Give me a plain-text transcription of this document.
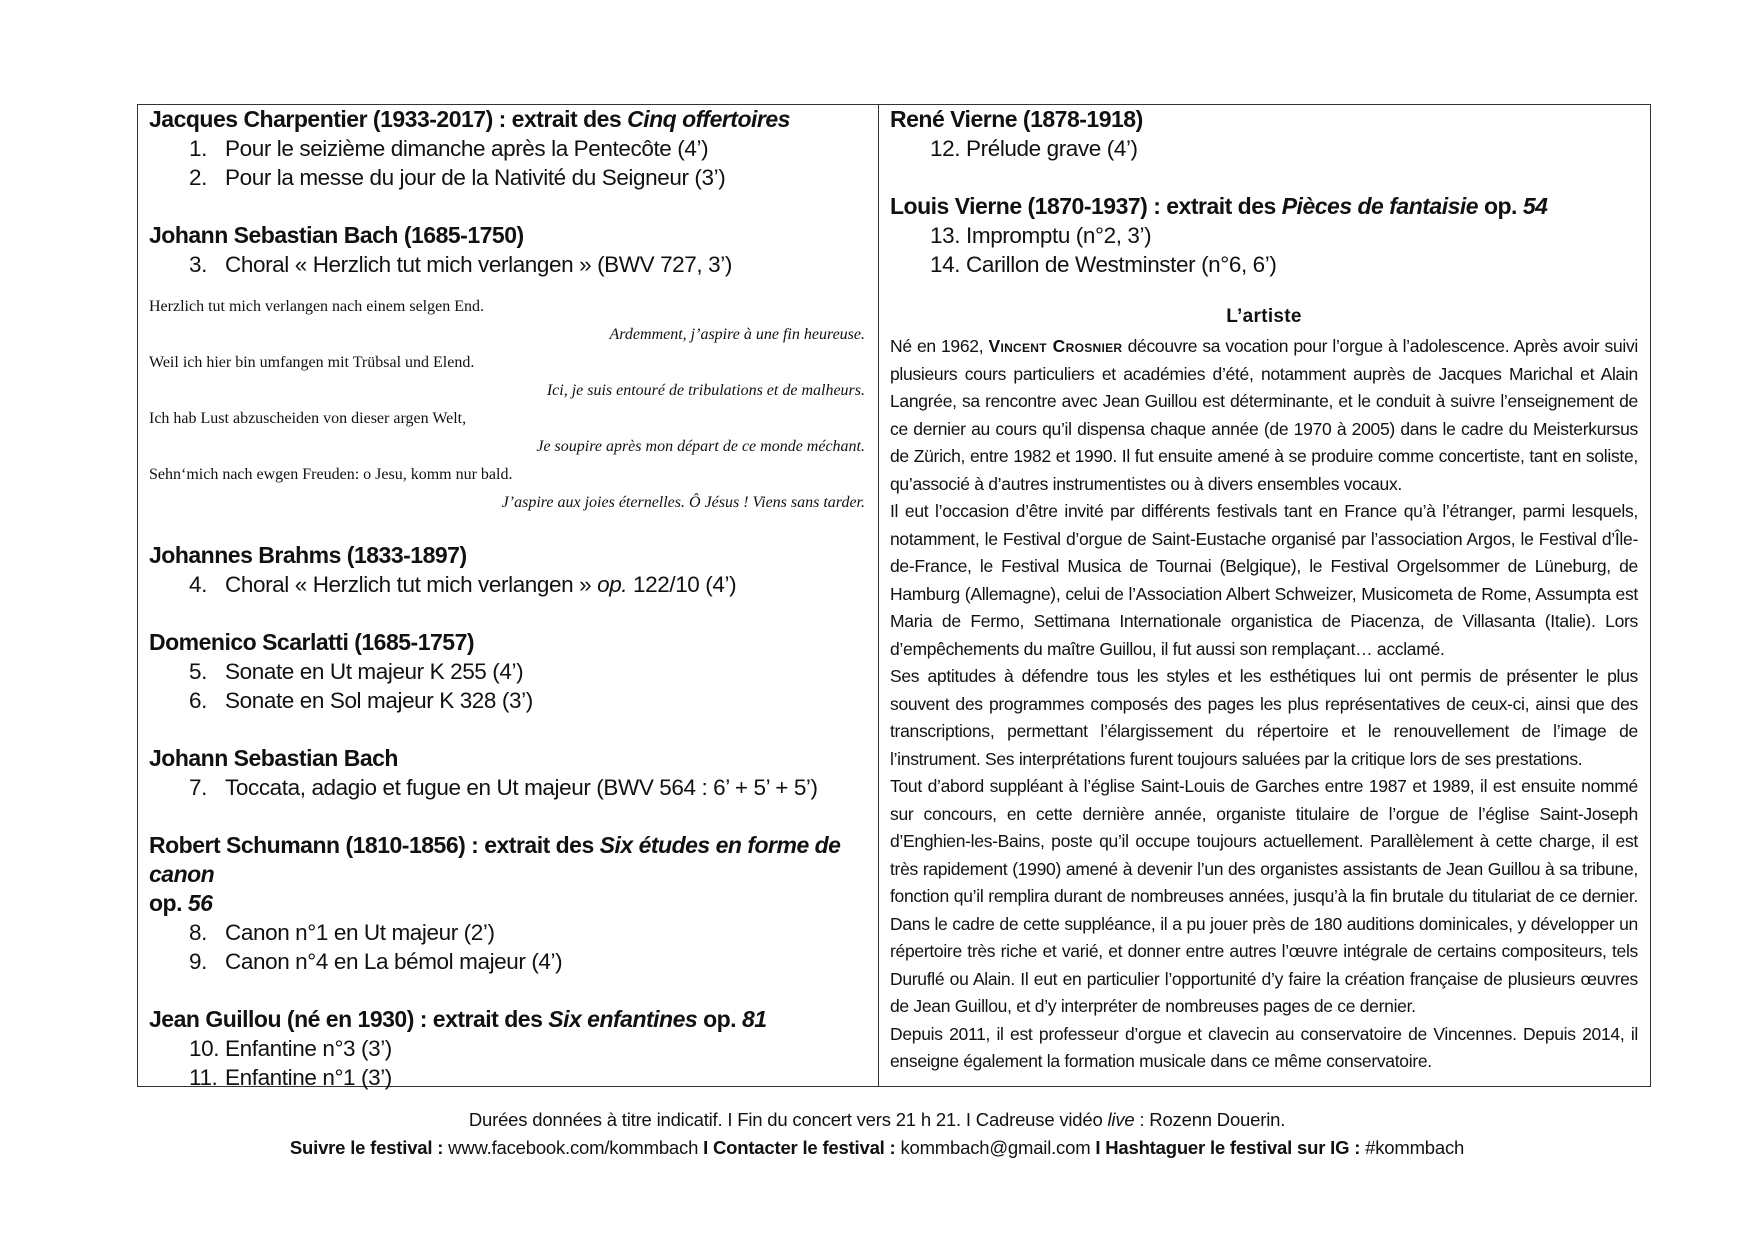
Jacques Charpentier (1933-2017) : extrait des Cinq offertoires

1. Pour le seizième dimanche après la Pentecôte (4’)

2. Pour la messe du jour de la Nativité du Seigneur (3’)

Johann Sebastian Bach (1685-1750)

3. Choral « Herzlich tut mich verlangen » (BWV 727, 3’)

Herzlich tut mich verlangen nach einem selgen End.

Ardemment, j’aspire à une fin heureuse.

Weil ich hier bin umfangen mit Trübsal und Elend.

Ici, je suis entouré de tribulations et de malheurs.

Ich hab Lust abzuscheiden von dieser argen Welt,

Je soupire après mon départ de ce monde méchant.

Sehn‘mich nach ewgen Freuden: o Jesu, komm nur bald.

J’aspire aux joies éternelles. Ô Jésus ! Viens sans tarder.

Johannes Brahms (1833-1897)

4. Choral « Herzlich tut mich verlangen » op. 122/10 (4’)

Domenico Scarlatti (1685-1757)

5. Sonate en Ut majeur K 255 (4’)

6. Sonate en Sol majeur K 328 (3’)

Johann Sebastian Bach

7. Toccata, adagio et fugue en Ut majeur (BWV 564 : 6’ + 5’ + 5’)

Robert Schumann (1810-1856) : extrait des Six études en forme de canon

op. 56

8. Canon n°1 en Ut majeur (2’)

9. Canon n°4 en La bémol majeur (4’)

Jean Guillou (né en 1930) : extrait des Six enfantines op. 81

10. Enfantine n°3 (3’)

11. Enfantine n°1 (3’)

René Vierne (1878-1918)

12. Prélude grave (4’)

Louis Vierne (1870-1937) : extrait des Pièces de fantaisie op. 54

13. Impromptu (n°2, 3’)

14. Carillon de Westminster (n°6, 6’)

L’artiste

Né en 1962, Vincent Crosnier découvre sa vocation pour l’orgue à l’adolescence. Après avoir suivi plusieurs cours particuliers et académies d’été, notamment auprès de Jacques Marichal et Alain Langrée, sa rencontre avec Jean Guillou est déterminante, et le conduit à suivre l’enseignement de ce dernier au cours qu’il dispensa chaque année (de 1970 à 2005) dans le cadre du Meisterkursus de Zürich, entre 1982 et 1990. Il fut ensuite amené à se produire comme concertiste, tant en soliste, qu’associé à d’autres instrumentistes ou à divers ensembles vocaux.

Il eut l’occasion d’être invité par différents festivals tant en France qu’à l’étranger, parmi lesquels, notamment, le Festival d’orgue de Saint-Eustache organisé par l’association Argos, le Festival d’Île-de-France, le Festival Musica de Tournai (Belgique), le Festival Orgelsommer de Lüneburg, de Hamburg (Allemagne), celui de l’Association Albert Schweizer, Musicometa de Rome, Assumpta est Maria de Fermo, Settimana Internationale organistica de Piacenza, de Villasanta (Italie). Lors d’empêchements du maître Guillou, il fut aussi son remplaçant… acclamé.

Ses aptitudes à défendre tous les styles et les esthétiques lui ont permis de présenter le plus souvent des programmes composés des pages les plus représentatives de ceux-ci, ainsi que des transcriptions, permettant l’élargissement du répertoire et le renouvellement de l’image de l’instrument. Ses interprétations furent toujours saluées par la critique lors de ses prestations.

Tout d’abord suppléant à l’église Saint-Louis de Garches entre 1987 et 1989, il est ensuite nommé sur concours, en cette dernière année, organiste titulaire de l’orgue de l’église Saint-Joseph d’Enghien-les-Bains, poste qu’il occupe toujours actuellement. Parallèlement à cette charge, il est très rapidement (1990) amené à devenir l’un des organistes assistants de Jean Guillou à sa tribune, fonction qu’il remplira durant de nombreuses années, jusqu’à la fin brutale du titulariat de ce dernier. Dans le cadre de cette suppléance, il a pu jouer près de 180 auditions dominicales, y développer un répertoire très riche et varié, et donner entre autres l’œuvre intégrale de certains compositeurs, tels Duruflé ou Alain. Il eut en particulier l’opportunité d’y faire la création française de plusieurs œuvres de Jean Guillou, et d’y interpréter de nombreuses pages de ce dernier.

Depuis 2011, il est professeur d’orgue et clavecin au conservatoire de Vincennes. Depuis 2014, il enseigne également la formation musicale dans ce même conservatoire.

Durées données à titre indicatif. I Fin du concert vers 21 h 21. I Cadreuse vidéo live : Rozenn Douerin.
Suivre le festival : www.facebook.com/kommbach I Contacter le festival : kommbach@gmail.com I Hashtaguer le festival sur IG : #kommbach
